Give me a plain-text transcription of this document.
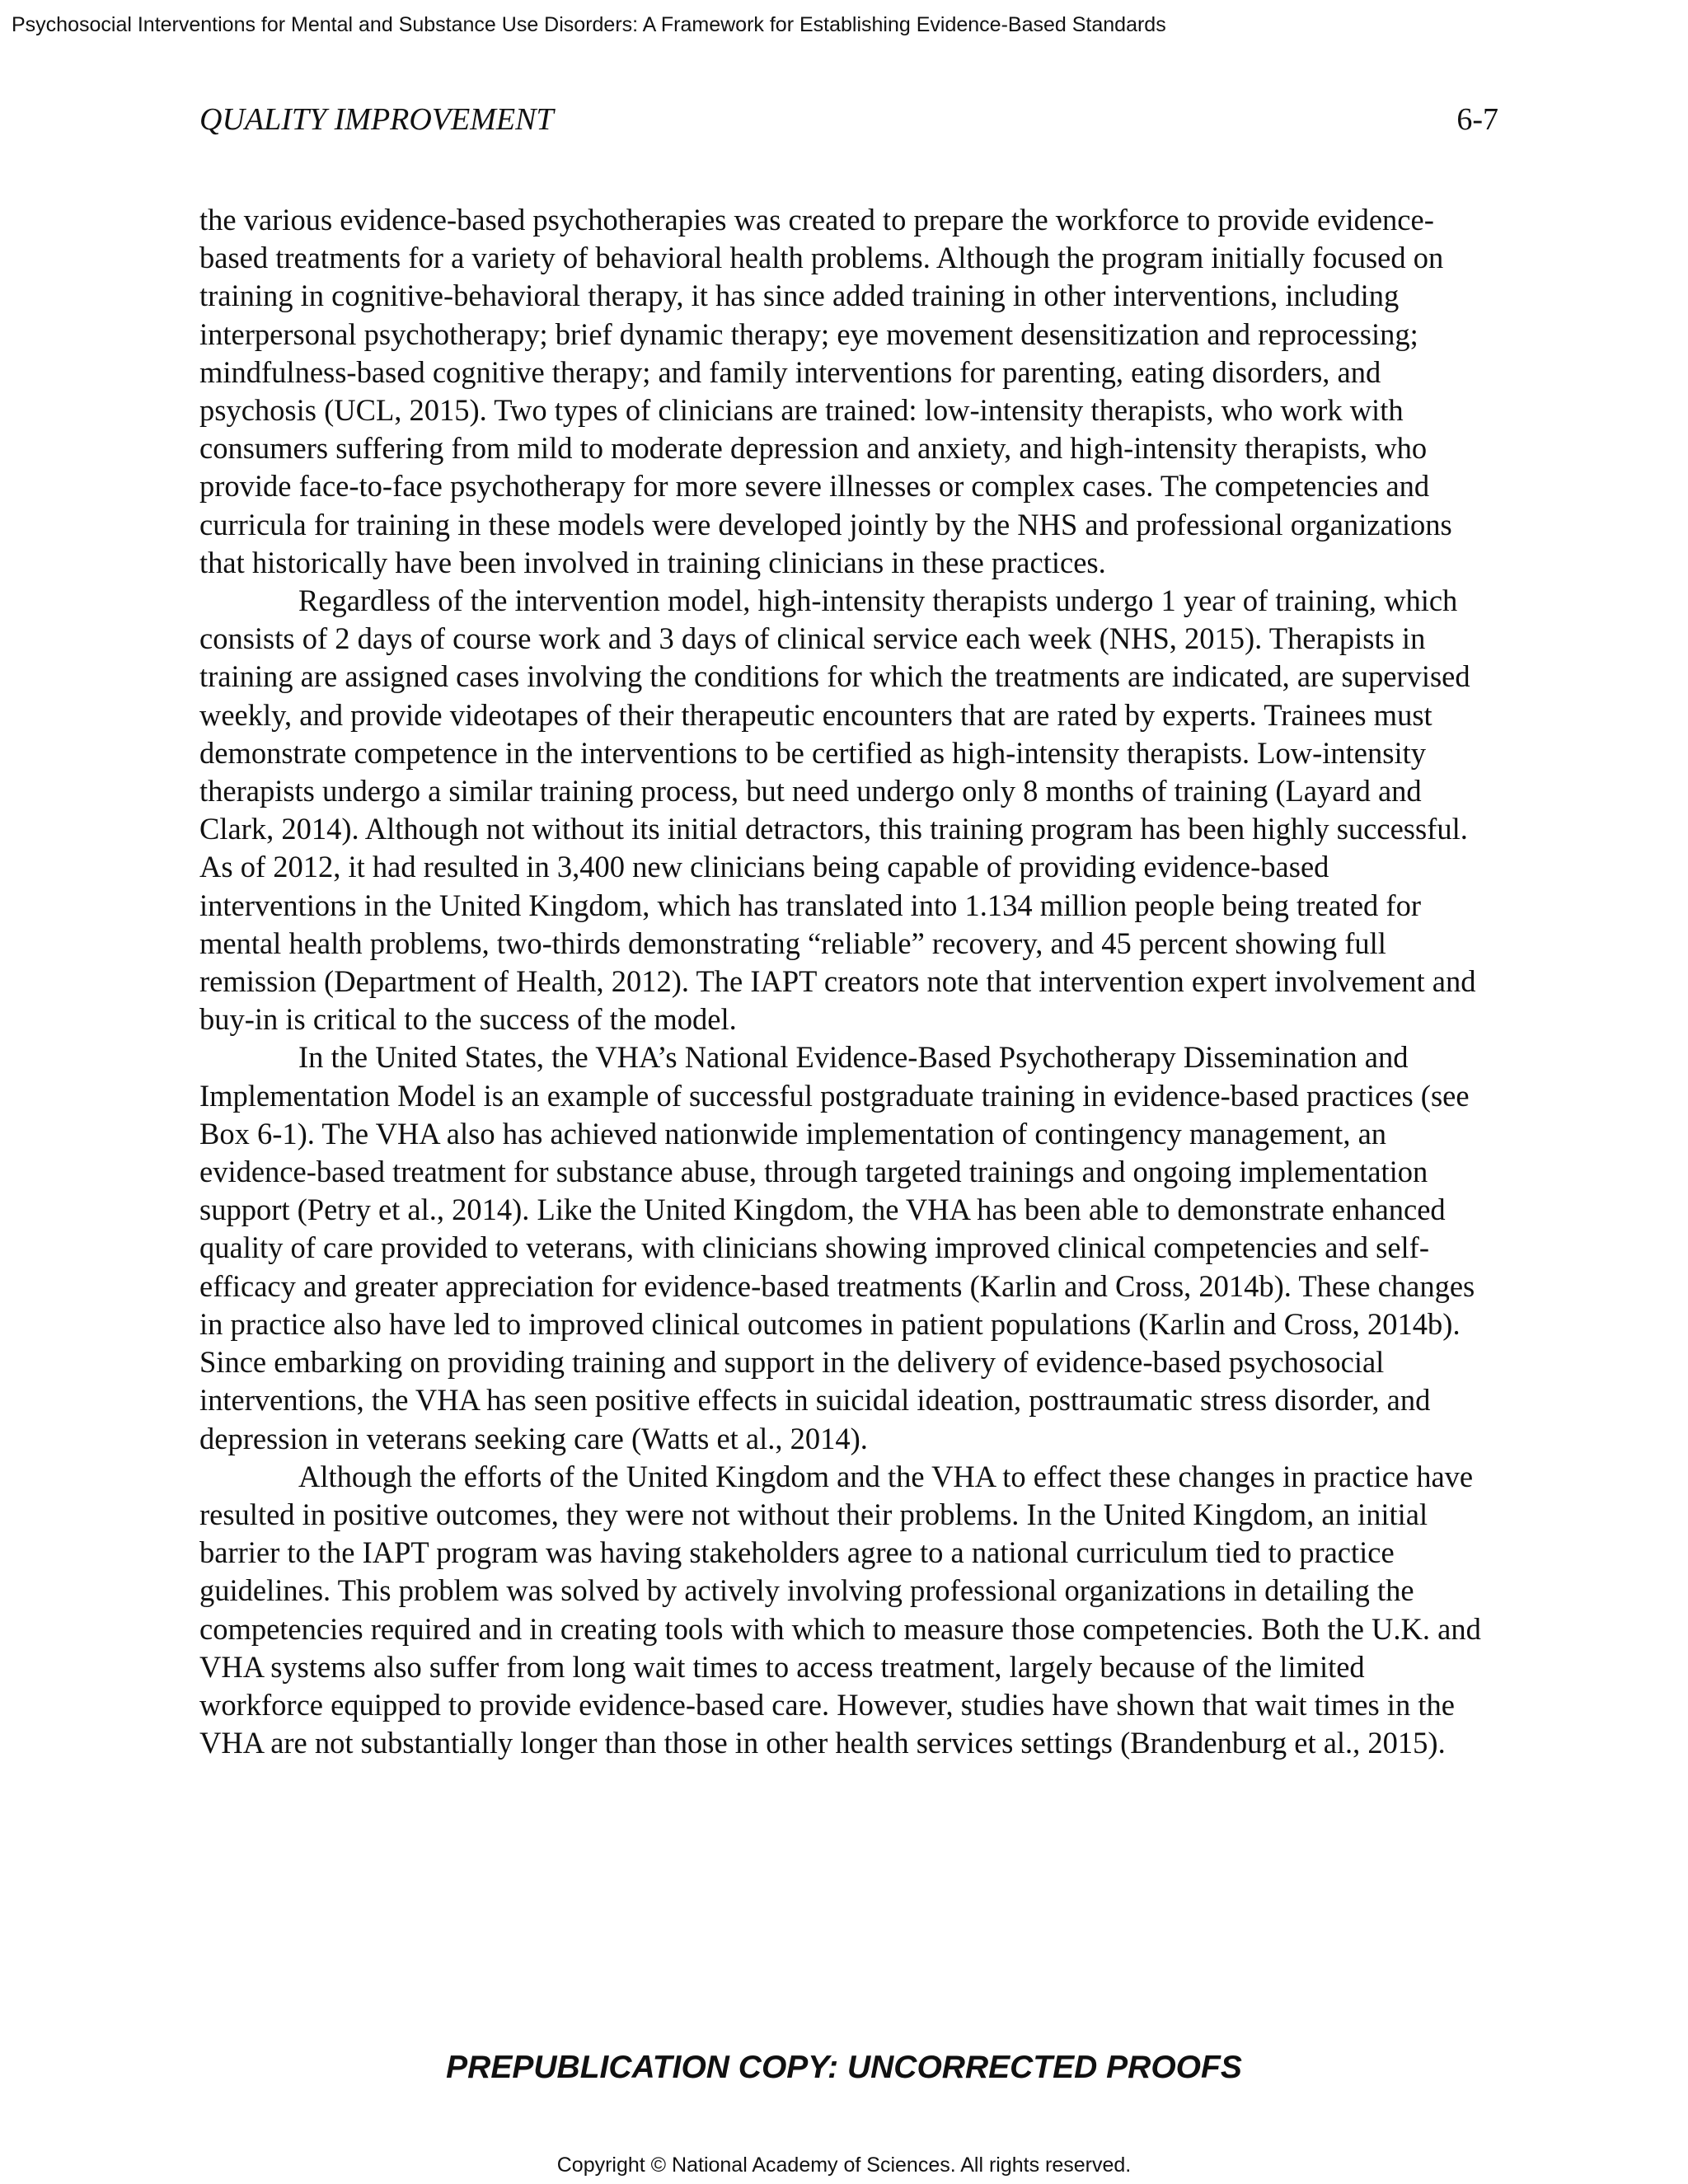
Psychosocial Interventions for Mental and Substance Use Disorders: A Framework for Establishing Evidence-Based Standards
QUALITY IMPROVEMENT	6-7

the various evidence-based psychotherapies was created to prepare the workforce to provide evidence-based treatments for a variety of behavioral health problems. Although the program initially focused on training in cognitive-behavioral therapy, it has since added training in other interventions, including interpersonal psychotherapy; brief dynamic therapy; eye movement desensitization and reprocessing; mindfulness-based cognitive therapy; and family interventions for parenting, eating disorders, and psychosis (UCL, 2015). Two types of clinicians are trained: low-intensity therapists, who work with consumers suffering from mild to moderate depression and anxiety, and high-intensity therapists, who provide face-to-face psychotherapy for more severe illnesses or complex cases. The competencies and curricula for training in these models were developed jointly by the NHS and professional organizations that historically have been involved in training clinicians in these practices.

Regardless of the intervention model, high-intensity therapists undergo 1 year of training, which consists of 2 days of course work and 3 days of clinical service each week (NHS, 2015). Therapists in training are assigned cases involving the conditions for which the treatments are indicated, are supervised weekly, and provide videotapes of their therapeutic encounters that are rated by experts. Trainees must demonstrate competence in the interventions to be certified as high-intensity therapists. Low-intensity therapists undergo a similar training process, but need undergo only 8 months of training (Layard and Clark, 2014). Although not without its initial detractors, this training program has been highly successful. As of 2012, it had resulted in 3,400 new clinicians being capable of providing evidence-based interventions in the United Kingdom, which has translated into 1.134 million people being treated for mental health problems, two-thirds demonstrating “reliable” recovery, and 45 percent showing full remission (Department of Health, 2012). The IAPT creators note that intervention expert involvement and buy-in is critical to the success of the model.

In the United States, the VHA’s National Evidence-Based Psychotherapy Dissemination and Implementation Model is an example of successful postgraduate training in evidence-based practices (see Box 6-1). The VHA also has achieved nationwide implementation of contingency management, an evidence-based treatment for substance abuse, through targeted trainings and ongoing implementation support (Petry et al., 2014). Like the United Kingdom, the VHA has been able to demonstrate enhanced quality of care provided to veterans, with clinicians showing improved clinical competencies and self-efficacy and greater appreciation for evidence-based treatments (Karlin and Cross, 2014b). These changes in practice also have led to improved clinical outcomes in patient populations (Karlin and Cross, 2014b). Since embarking on providing training and support in the delivery of evidence-based psychosocial interventions, the VHA has seen positive effects in suicidal ideation, posttraumatic stress disorder, and depression in veterans seeking care (Watts et al., 2014).

Although the efforts of the United Kingdom and the VHA to effect these changes in practice have resulted in positive outcomes, they were not without their problems. In the United Kingdom, an initial barrier to the IAPT program was having stakeholders agree to a national curriculum tied to practice guidelines. This problem was solved by actively involving professional organizations in detailing the competencies required and in creating tools with which to measure those competencies. Both the U.K. and VHA systems also suffer from long wait times to access treatment, largely because of the limited workforce equipped to provide evidence-based care. However, studies have shown that wait times in the VHA are not substantially longer than those in other health services settings (Brandenburg et al., 2015).

PREPUBLICATION COPY: UNCORRECTED PROOFS
Copyright © National Academy of Sciences. All rights reserved.
